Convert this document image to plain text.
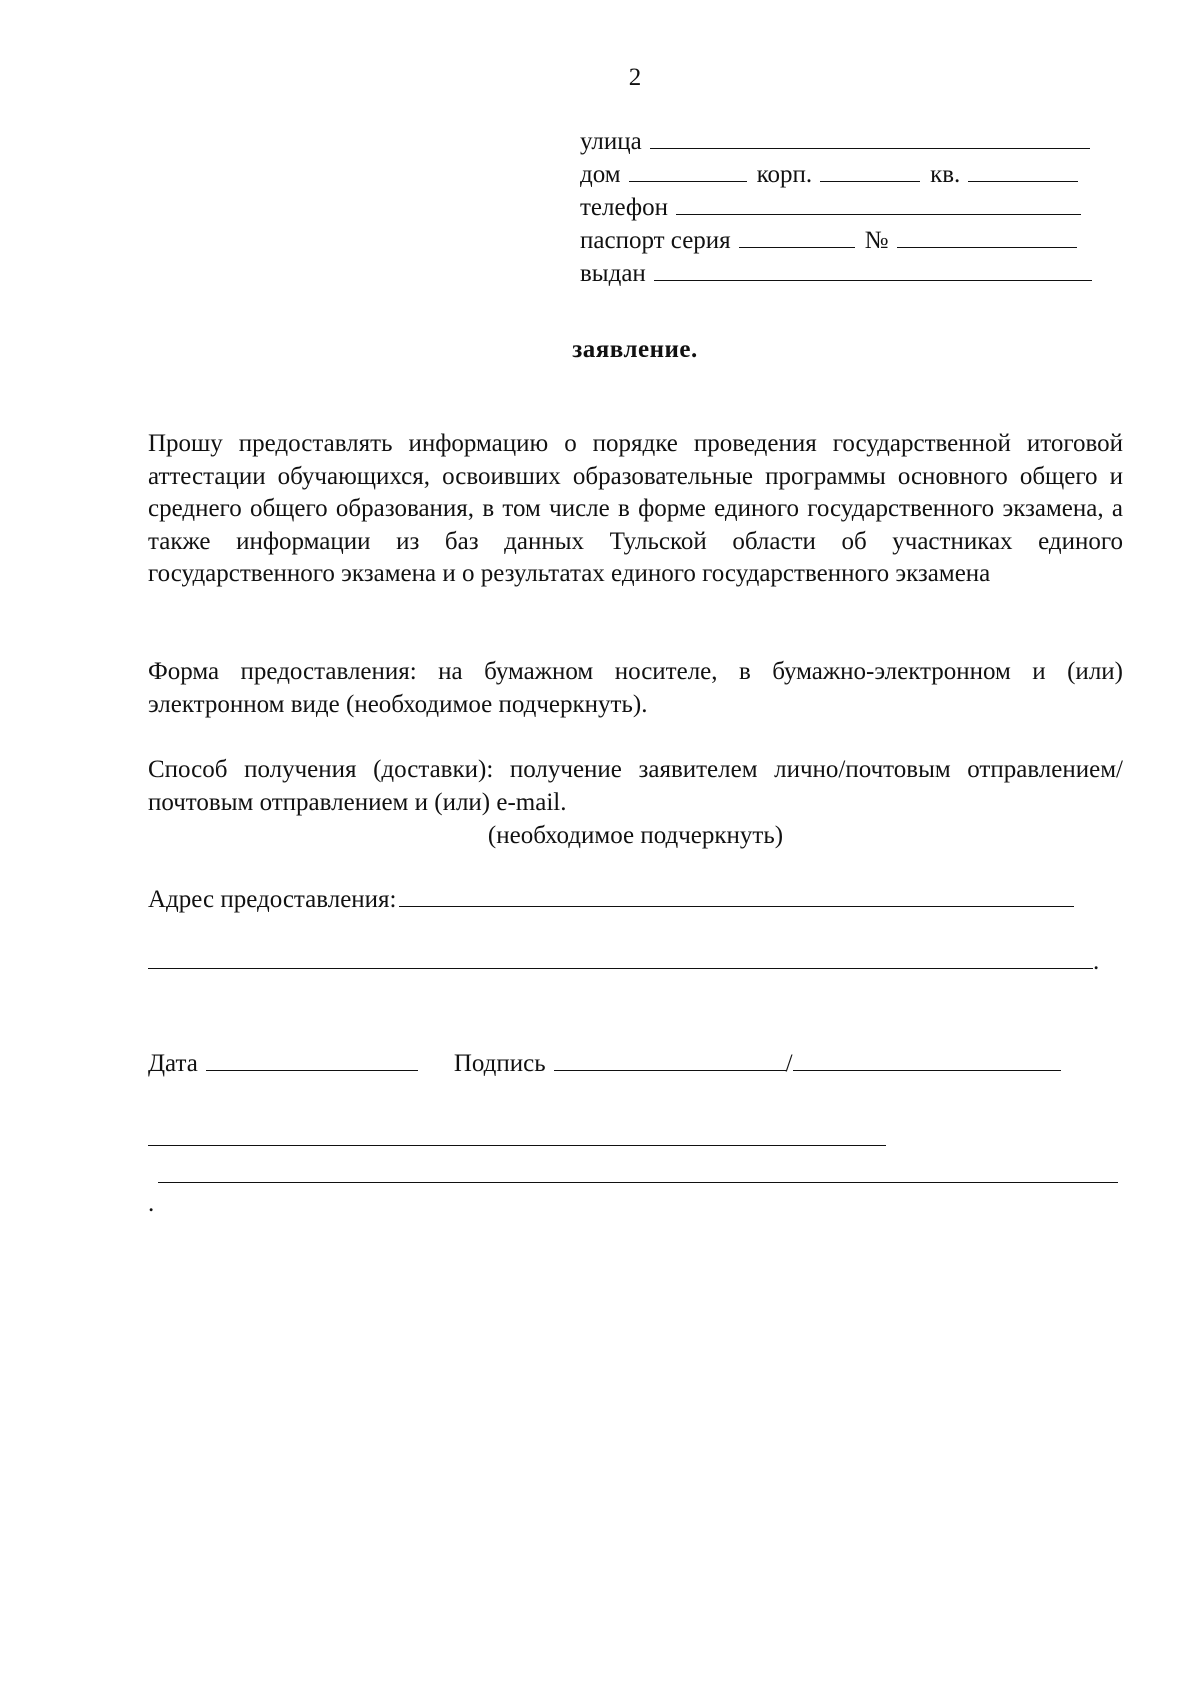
2
улица
дом	корп.	кв.
телефон
паспорт серия	№
выдан
заявление.
Прошу предоставлять информацию о порядке проведения государственной итоговой аттестации обучающихся, освоивших образовательные программы основного общего и среднего общего образования, в том числе в форме единого государственного экзамена, а также информации из баз данных Тульской области об участниках единого государственного экзамена и о результатах единого государственного экзамена
Форма предоставления: на бумажном носителе, в бумажно-электронном и (или) электронном виде (необходимое подчеркнуть).
Способ получения (доставки): получение заявителем лично/почтовым отправлением/почтовым отправлением и (или) e-mail.
(необходимое подчеркнуть)
Адрес предоставления:
.
Дата	Подпись	/
.
